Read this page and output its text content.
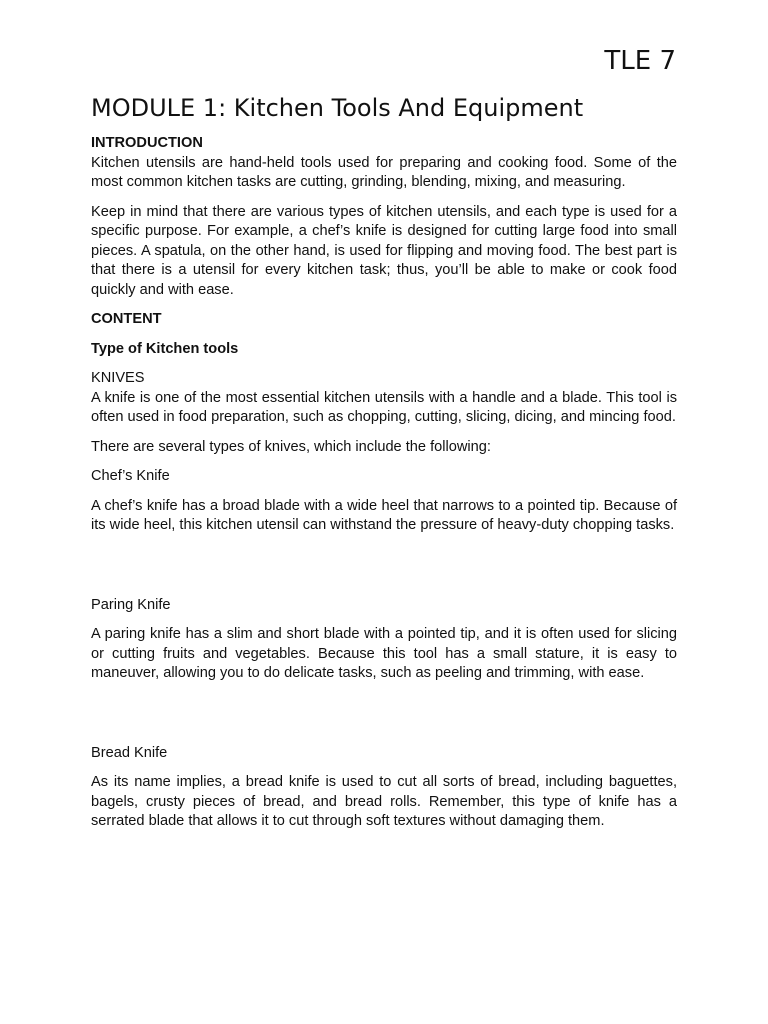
TLE 7
MODULE 1: Kitchen Tools And Equipment

INTRODUCTION

Kitchen utensils are hand-held tools used for preparing and cooking food. Some of the most common kitchen tasks are cutting, grinding, blending, mixing, and measuring.

Keep in mind that there are various types of kitchen utensils, and each type is used for a specific purpose. For example, a chef’s knife is designed for cutting large food into small pieces. A spatula, on the other hand, is used for flipping and moving food. The best part is that there is a utensil for every kitchen task; thus, you’ll be able to make or cook food quickly and with ease.

CONTENT

Type of Kitchen tools

KNIVES

A knife is one of the most essential kitchen utensils with a handle and a blade. This tool is often used in food preparation, such as chopping, cutting, slicing, dicing, and mincing food.

There are several types of knives, which include the following:

Chef’s Knife

A chef’s knife has a broad blade with a wide heel that narrows to a pointed tip. Because of its wide heel, this kitchen utensil can withstand the pressure of heavy-duty chopping tasks.

Paring Knife

A paring knife has a slim and short blade with a pointed tip, and it is often used for slicing or cutting fruits and vegetables. Because this tool has a small stature, it is easy to maneuver, allowing you to do delicate tasks, such as peeling and trimming, with ease.

Bread Knife

As its name implies, a bread knife is used to cut all sorts of bread, including baguettes, bagels, crusty pieces of bread, and bread rolls. Remember, this type of knife has a serrated blade that allows it to cut through soft textures without damaging them.
